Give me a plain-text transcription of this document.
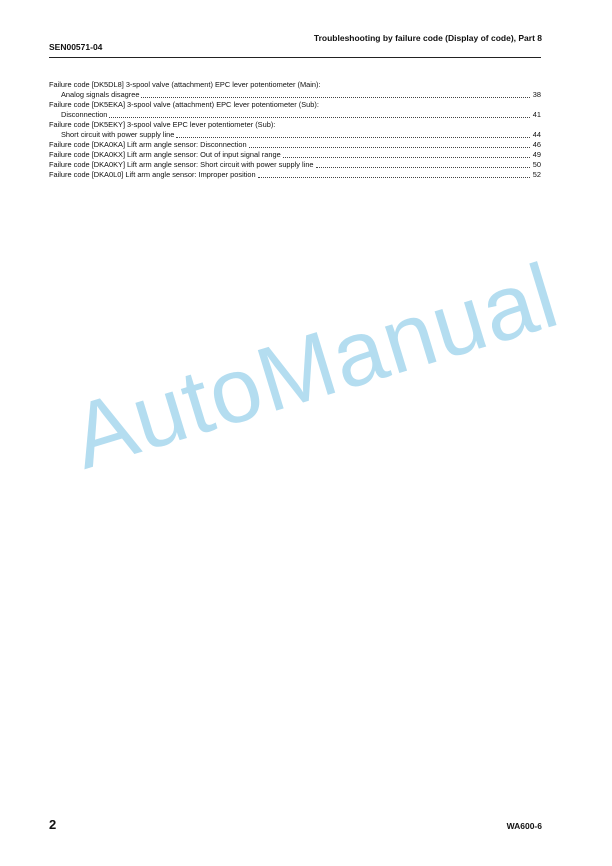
Troubleshooting by failure code (Display of code), Part 8
SEN00571-04
Failure code [DK5DL8] 3-spool valve (attachment) EPC lever potentiometer (Main):
Analog signals disagree	38
Failure code [DK5EKA] 3-spool valve (attachment) EPC lever potentiometer (Sub):
Disconnection	41
Failure code [DK5EKY] 3-spool valve EPC lever potentiometer (Sub):
Short circuit with power supply line	44
Failure code [DKA0KA] Lift arm angle sensor: Disconnection	46
Failure code [DKA0KX] Lift arm angle sensor: Out of input signal range	49
Failure code [DKA0KY] Lift arm angle sensor: Short circuit with power supply line	50
Failure code [DKA0L0] Lift arm angle sensor: Improper position	52
AutoManual
2	WA600-6
